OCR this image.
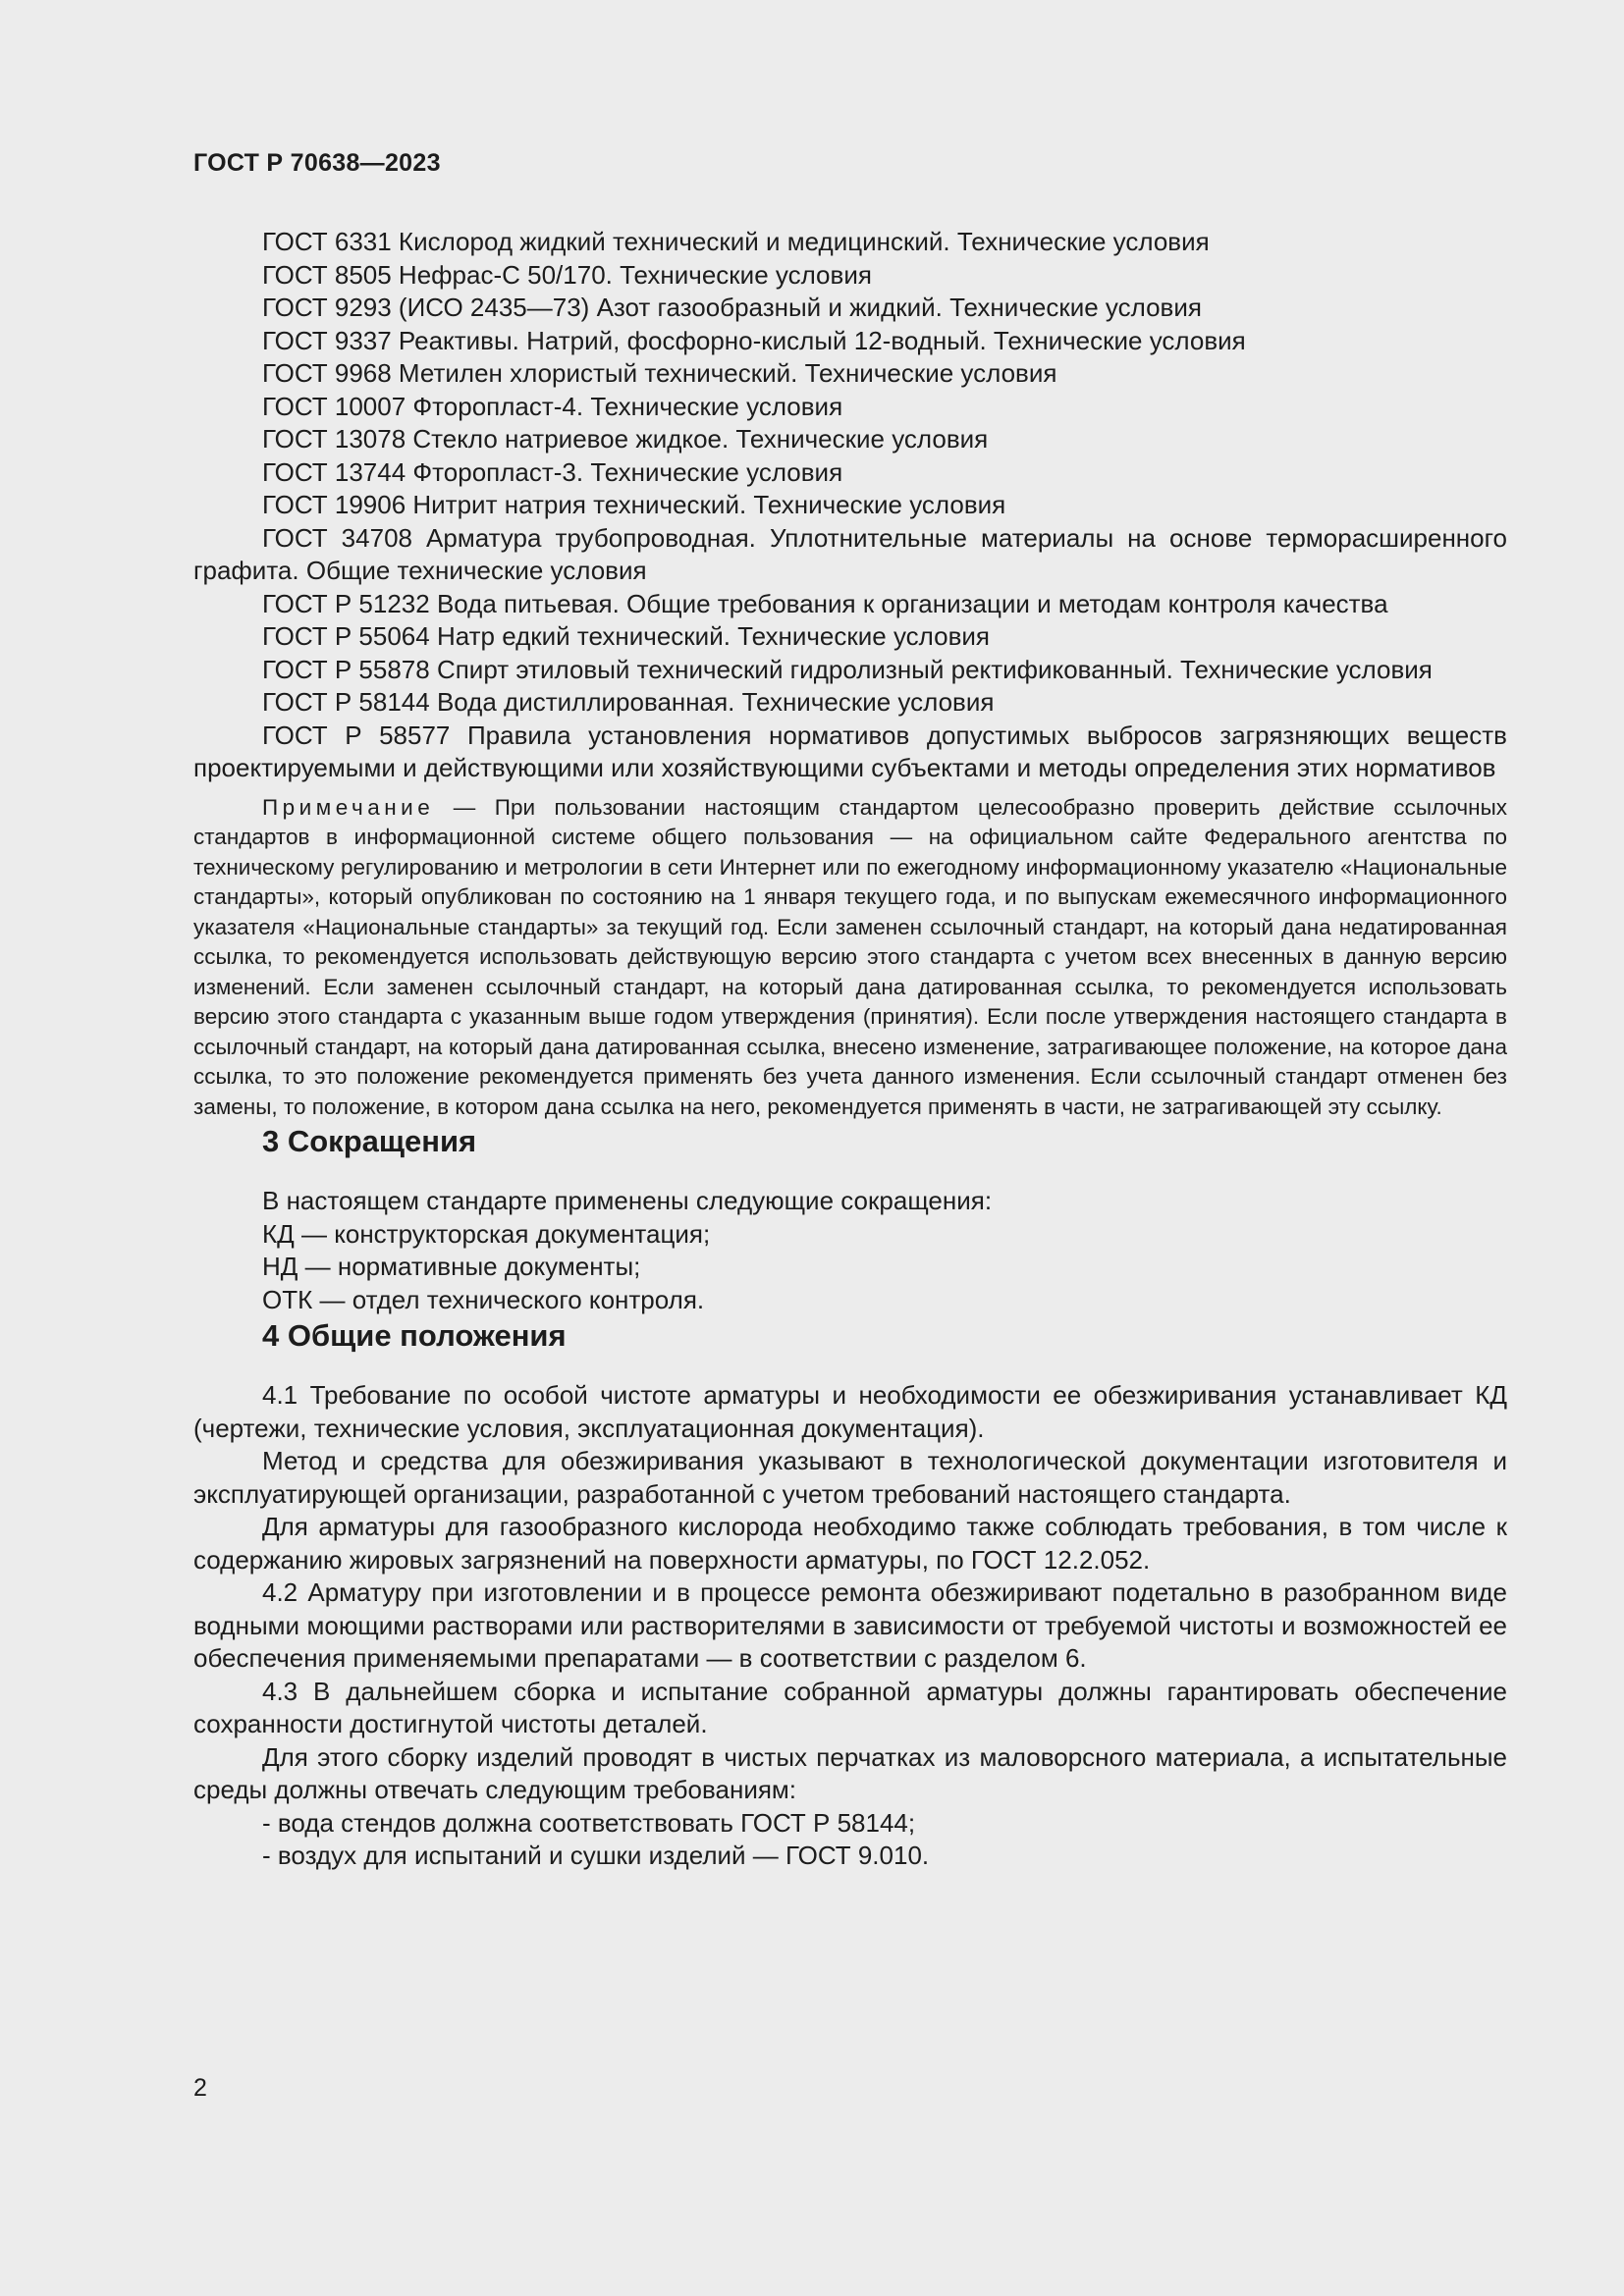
ГОСТ Р 70638—2023

ГОСТ 6331 Кислород жидкий технический и медицинский. Технические условия

ГОСТ 8505 Нефрас-С 50/170. Технические условия

ГОСТ 9293 (ИСО 2435—73) Азот газообразный и жидкий. Технические условия

ГОСТ 9337 Реактивы. Натрий, фосфорно-кислый 12-водный. Технические условия

ГОСТ 9968 Метилен хлористый технический. Технические условия

ГОСТ 10007 Фторопласт-4. Технические условия

ГОСТ 13078 Стекло натриевое жидкое. Технические условия

ГОСТ 13744 Фторопласт-3. Технические условия

ГОСТ 19906 Нитрит натрия технический. Технические условия

ГОСТ 34708 Арматура трубопроводная. Уплотнительные материалы на основе терморасширенного графита. Общие технические условия

ГОСТ Р 51232 Вода питьевая. Общие требования к организации и методам контроля качества

ГОСТ Р 55064 Натр едкий технический. Технические условия

ГОСТ Р 55878 Спирт этиловый технический гидролизный ректификованный. Технические условия

ГОСТ Р 58144 Вода дистиллированная. Технические условия

ГОСТ Р 58577 Правила установления нормативов допустимых выбросов загрязняющих веществ проектируемыми и действующими или хозяйствующими субъектами и методы определения этих нормативов

Примечание — При пользовании настоящим стандартом целесообразно проверить действие ссылочных стандартов в информационной системе общего пользования — на официальном сайте Федерального агентства по техническому регулированию и метрологии в сети Интернет или по ежегодному информационному указателю «Национальные стандарты», который опубликован по состоянию на 1 января текущего года, и по выпускам ежемесячного информационного указателя «Национальные стандарты» за текущий год. Если заменен ссылочный стандарт, на который дана недатированная ссылка, то рекомендуется использовать действующую версию этого стандарта с учетом всех внесенных в данную версию изменений. Если заменен ссылочный стандарт, на который дана датированная ссылка, то рекомендуется использовать версию этого стандарта с указанным выше годом утверждения (принятия). Если после утверждения настоящего стандарта в ссылочный стандарт, на который дана датированная ссылка, внесено изменение, затрагивающее положение, на которое дана ссылка, то это положение рекомендуется применять без учета данного изменения. Если ссылочный стандарт отменен без замены, то положение, в котором дана ссылка на него, рекомендуется применять в части, не затрагивающей эту ссылку.

3 Сокращения

В настоящем стандарте применены следующие сокращения:

КД — конструкторская документация;

НД — нормативные документы;

ОТК — отдел технического контроля.

4 Общие положения

4.1 Требование по особой чистоте арматуры и необходимости ее обезжиривания устанавливает КД (чертежи, технические условия, эксплуатационная документация).

Метод и средства для обезжиривания указывают в технологической документации изготовителя и эксплуатирующей организации, разработанной с учетом требований настоящего стандарта.

Для арматуры для газообразного кислорода необходимо также соблюдать требования, в том числе к содержанию жировых загрязнений на поверхности арматуры, по ГОСТ 12.2.052.

4.2 Арматуру при изготовлении и в процессе ремонта обезжиривают подетально в разобранном виде водными моющими растворами или растворителями в зависимости от требуемой чистоты и возможностей ее обеспечения применяемыми препаратами — в соответствии с разделом 6.

4.3 В дальнейшем сборка и испытание собранной арматуры должны гарантировать обеспечение сохранности достигнутой чистоты деталей.

Для этого сборку изделий проводят в чистых перчатках из маловорсного материала, а испытательные среды должны отвечать следующим требованиям:

- вода стендов должна соответствовать ГОСТ Р 58144;

- воздух для испытаний и сушки изделий — ГОСТ 9.010.

2
